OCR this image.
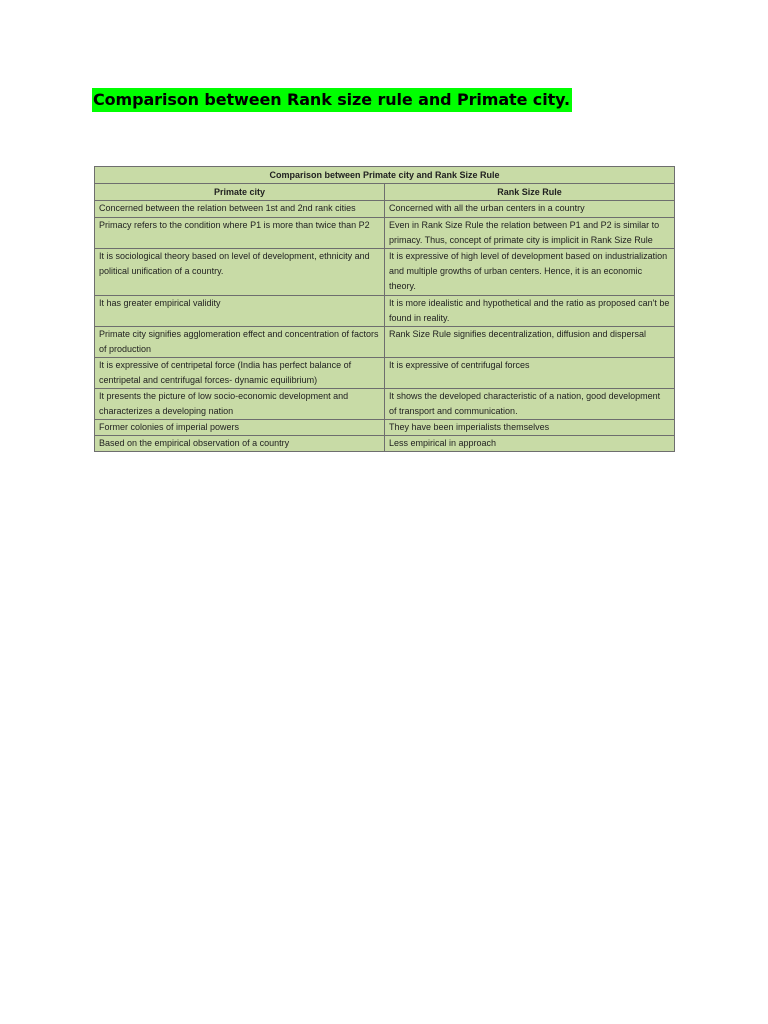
Comparison between Rank size rule and Primate city.
Comparison between Primate city and Rank Size Rule	
Primate city	Rank Size Rule
Concerned between the relation between 1st and 2nd rank cities	Concerned with all the urban centers in a country
Primacy refers to the condition where P1 is more than twice than P2	Even in Rank Size Rule the relation between P1 and P2 is similar to primacy. Thus, concept of primate city is implicit in Rank Size Rule
It is sociological theory based on level of development, ethnicity and political unification of a country.	It is expressive of high level of development based on industrialization and multiple growths of urban centers. Hence, it is an economic theory.
It has greater empirical validity	It is more idealistic and hypothetical and the ratio as proposed can't be found in reality.
Primate city signifies agglomeration effect and concentration of factors of production	Rank Size Rule signifies decentralization, diffusion and dispersal
It is expressive of centripetal force (India has perfect balance of centripetal and centrifugal forces- dynamic equilibrium)	It is expressive of centrifugal forces
It presents the picture of low socio-economic development and characterizes a developing nation	It shows the developed characteristic of a nation, good development of transport and communication.
Former colonies of imperial powers	They have been imperialists themselves
Based on the empirical observation of a country	Less empirical in approach
